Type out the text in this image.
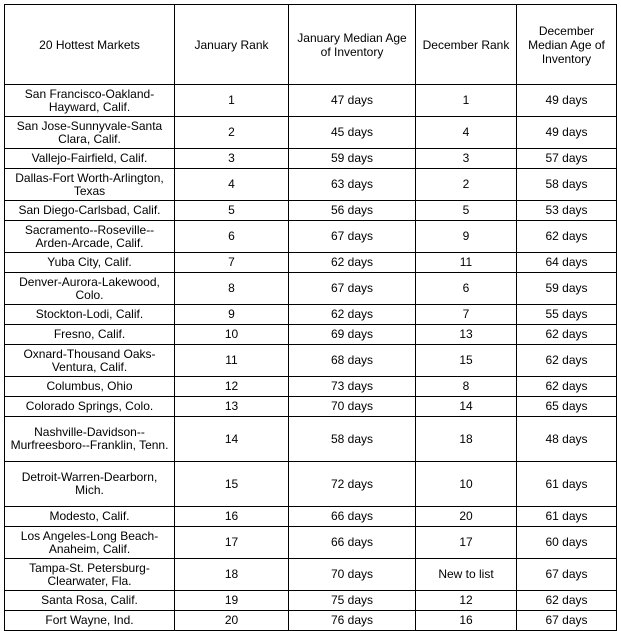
20 Hottest Markets	January Rank	January Median Age of Inventory	December Rank	December Median Age of Inventory
San Francisco-Oakland-Hayward, Calif.	1	47 days	1	49 days
San Jose-Sunnyvale-Santa Clara, Calif.	2	45 days	4	49 days
Vallejo-Fairfield, Calif.	3	59 days	3	57 days
Dallas-Fort Worth-Arlington, Texas	4	63 days	2	58 days
San Diego-Carlsbad, Calif.	5	56 days	5	53 days
Sacramento--Roseville--Arden-Arcade, Calif.	6	67 days	9	62 days
Yuba City, Calif.	7	62 days	11	64 days
Denver-Aurora-Lakewood, Colo.	8	67 days	6	59 days
Stockton-Lodi, Calif.	9	62 days	7	55 days
Fresno, Calif.	10	69 days	13	62 days
Oxnard-Thousand Oaks-Ventura, Calif.	11	68 days	15	62 days
Columbus, Ohio	12	73 days	8	62 days
Colorado Springs, Colo.	13	70 days	14	65 days
Nashville-Davidson--Murfreesboro--Franklin, Tenn.	14	58 days	18	48 days
Detroit-Warren-Dearborn, Mich.	15	72 days	10	61 days
Modesto, Calif.	16	66 days	20	61 days
Los Angeles-Long Beach-Anaheim, Calif.	17	66 days	17	60 days
Tampa-St. Petersburg-Clearwater, Fla.	18	70 days	New to list	67 days
Santa Rosa, Calif.	19	75 days	12	62 days
Fort Wayne, Ind.	20	76 days	16	67 days
